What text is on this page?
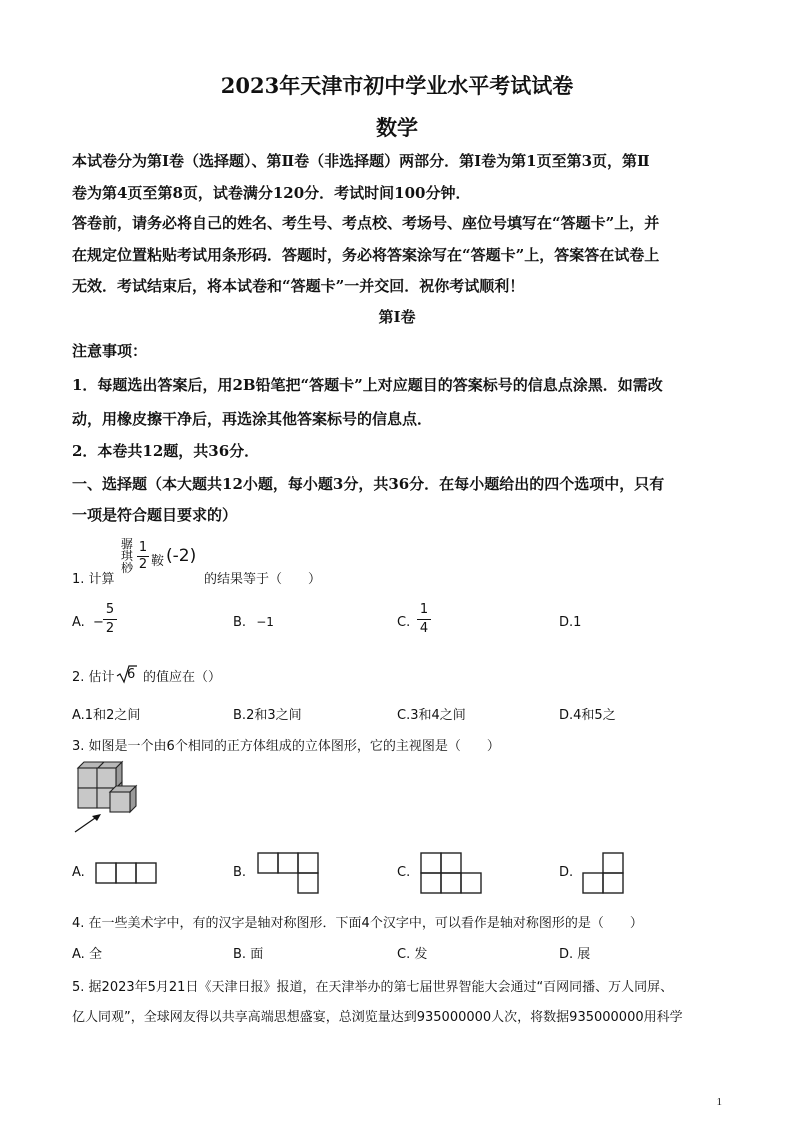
2023年天津市初中学业水平考试试卷
数学
本试卷分为第Ⅰ卷（选择题）、第Ⅱ卷（非选择题）两部分．第Ⅰ卷为第1页至第3页，第Ⅱ
卷为第4页至第8页，试卷满分120分．考试时间100分钟．
答卷前，请务必将自己的姓名、考生号、考点校、考场号、座位号填写在“答题卡”上，并
在规定位置粘贴考试用条形码．答题时，务必将答案涂写在“答题卡”上，答案答在试卷上
无效．考试结束后，将本试卷和“答题卡”一并交回．祝你考试顺利！
第Ⅰ卷
注意事项：
1．每题选出答案后，用2B铅笔把“答题卡”上对应题目的答案标号的信息点涂黑．如需改
动，用橡皮擦干净后，再选涂其他答案标号的信息点．
2．本卷共12题，共36分．
一、选择题（本大题共12小题，每小题3分，共36分．在每小题给出的四个选项中，只有
一项是符合题目要求的）
1. 计算
骣
琪
桫
1
2 鞍 (-2)
的结果等于（　　）
A. −
5
2	B. −1	C.
1
4	D.1
2. 估计 6 的值应在（）
A.1和2之间	B.2和3之间	C.3和4之间	D.4和5之
3. 如图是一个由6个相同的正方体组成的立体图形，它的主视图是（　　）
A.	B.	C.	D.
4. 在一些美术字中，有的汉字是轴对称图形．下面4个汉字中，可以看作是轴对称图形的是（　　）
A. 全	B. 面	C. 发	D. 展
5. 据2023年5月21日《天津日报》报道，在天津举办的第七届世界智能大会通过“百网同播、万人同屏、
亿人同观”，全球网友得以共享高端思想盛宴，总浏览量达到935000000人次，将数据935000000用科学
1
